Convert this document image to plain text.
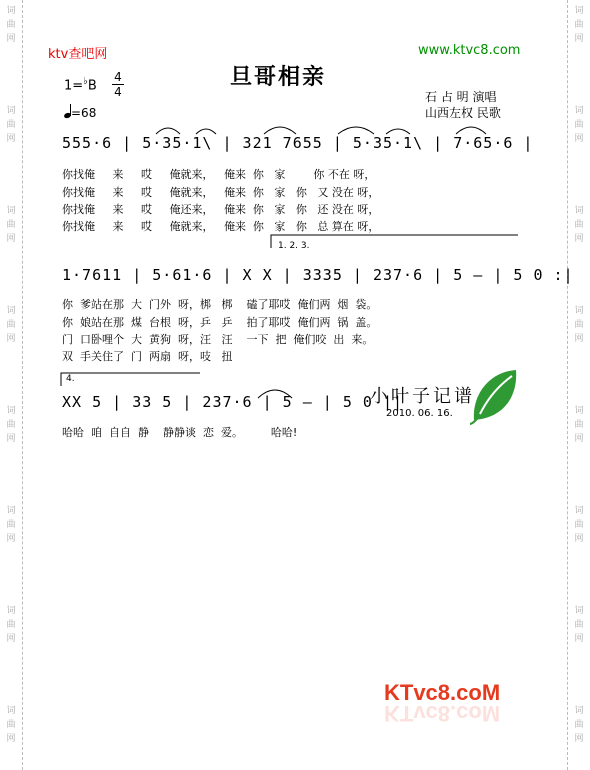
词
曲
网
词
曲
网
词
曲
网
词
曲
网
词
曲
网
词
曲
网
词
曲
网
词
曲
网
词
曲
网
词
曲
网
词
曲
网
词
曲
网
词
曲
网
词
曲
网
词
曲
网
词
曲
网
ktv查吧网	www.ktvc8.com
旦哥相亲
$1=^♭B \frac{4}{4}$
=68
石 占 明 演唱
山西左权 民歌
555·6 | 5·35·1\ | 321 7655 | 5·35·1\ | 7·65·6 |
你找俺     来     哎     俺就来，   俺来  你   家        你 不在 呀，
你找俺     来     哎     俺就来，   俺来  你   家   你   又 没在 呀，
你找俺     来     哎     俺还来，   俺来  你   家   你   还 没在 呀，
你找俺     来     哎     俺就来，   俺来  你   家   你   总 算在 呀，
1. 2. 3.
1·7611 | 5·61·6 | X X | 3335 | 237·6 | 5 — | 5 0 :|
你  爹站在那  大  门外  呀，梆   梆    磕了耶哎  俺们两  烟  袋。
你  娘站在那  煤  台根  呀，乒   乒    拍了耶哎  俺们两  锅  盖。
门  口卧哩个  大  黄狗  呀，汪   汪    一下  把  俺们咬  出  来。
双  手关住了  门  两扇  呀，吱   扭
4.
XX 5 | 33 5 | 237·6 | 5 — | 5 0 ||
哈哈  咱  自自  静    静静谈  恋  爱。        哈哈!
小叶子记谱
2010. 06. 16.
KTvc8.coM
KTvc8.coM
